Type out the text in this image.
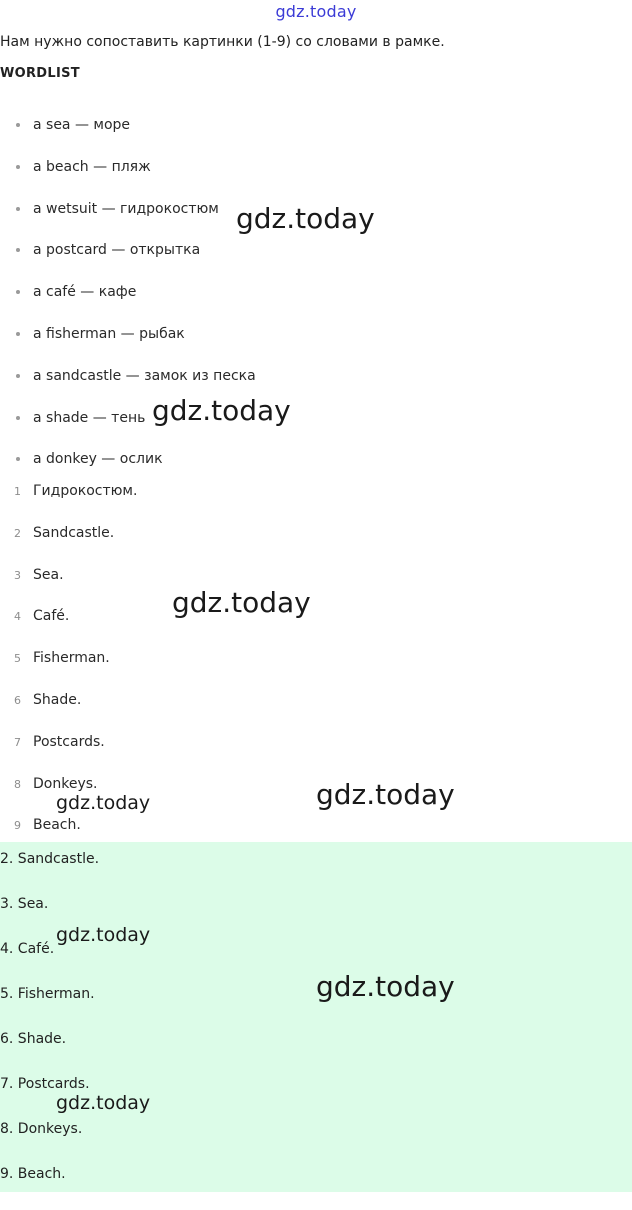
gdz.today
Нам нужно сопоставить картинки (1-9) со словами в рамке.
WORDLIST
a sea — море
a beach — пляж
a wetsuit — гидрокостюм
a postcard — открытка
a café — кафе
a fisherman — рыбак
a sandcastle — замок из песка
a shade — тень
a donkey — ослик
1 Гидрокостюм.
2 Sandcastle.
3 Sea.
4 Café.
5 Fisherman.
6 Shade.
7 Postcards.
8 Donkeys.
9 Beach.
2. Sandcastle.
3. Sea.
4. Café.
5. Fisherman.
6. Shade.
7. Postcards.
8. Donkeys.
9. Beach.
gdz.today
gdz.today
gdz.today
gdz.today
gdz.today
gdz.today
gdz.today
gdz.today
